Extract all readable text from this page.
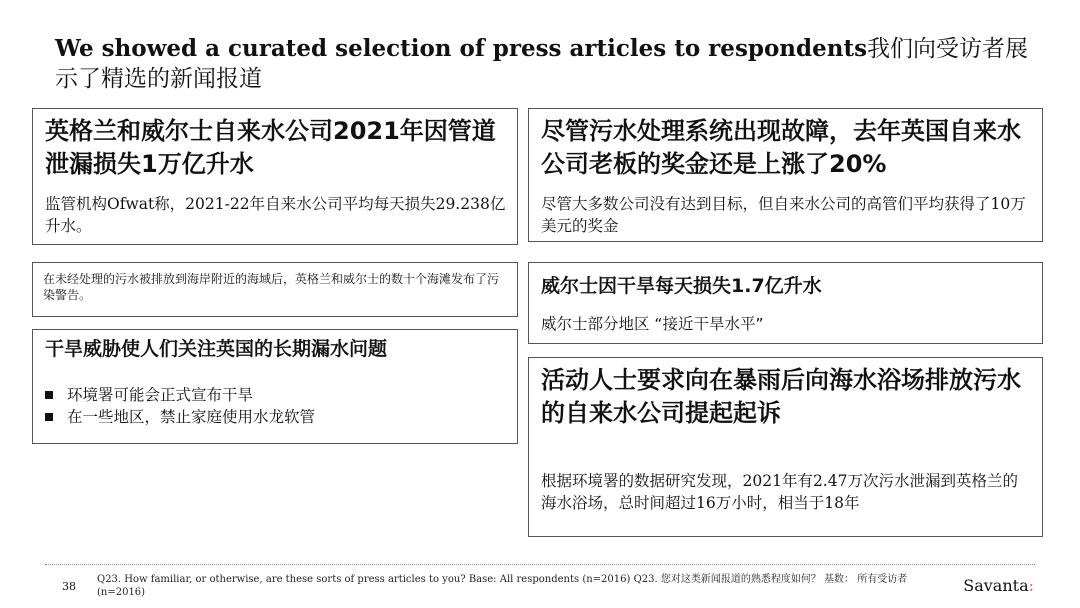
We showed a curated selection of press articles to respondents我们向受访者展示了精选的新闻报道
英格兰和威尔士自来水公司2021年因管道泄漏损失1万亿升水
监管机构Ofwat称，2021-22年自来水公司平均每天损失29.238亿升水。
尽管污水处理系统出现故障，去年英国自来水公司老板的奖金还是上涨了20%
尽管大多数公司没有达到目标，但自来水公司的高管们平均获得了10万美元的奖金
在未经处理的污水被排放到海岸附近的海域后，英格兰和威尔士的数十个海滩发布了污染警告。	威尔士因干旱每天损失1.7亿升水
威尔士部分地区 “接近干旱水平”
干旱威胁使人们关注英国的长期漏水问题
环境署可能会正式宣布干旱
在一些地区，禁止家庭使用水龙软管
活动人士要求向在暴雨后向海水浴场排放污水的自来水公司提起起诉
根据环境署的数据研究发现，2021年有2.47万次污水泄漏到英格兰的海水浴场，总时间超过16万小时，相当于18年
38
Q23. How familiar, or otherwise, are these sorts of press articles to you? Base: All respondents (n=2016) Q23. 您对这类新闻报道的熟悉程度如何？ 基数： 所有受访者 (n=2016)	Savanta:
